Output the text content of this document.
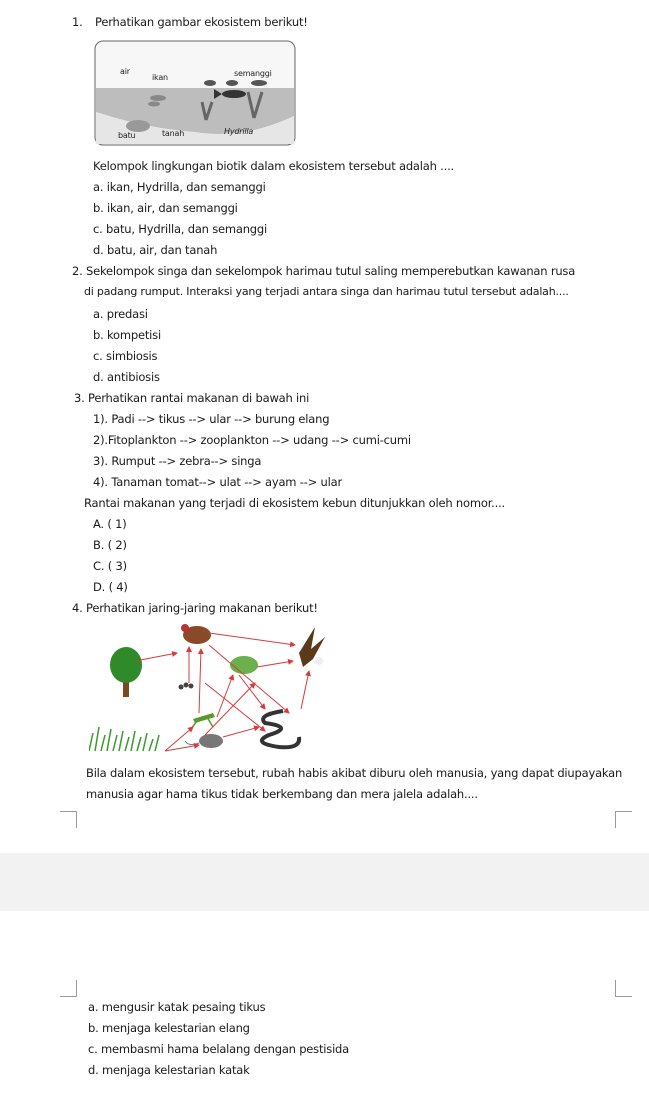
1. Perhatikan gambar ekosistem berikut!
air
ikan	semanggi
batu	tanah	Hydrilla
Kelompok lingkungan biotik dalam ekosistem tersebut adalah ....
a. ikan, Hydrilla, dan semanggi
b. ikan, air, dan semanggi
c. batu, Hydrilla, dan semanggi
d. batu, air, dan tanah
2. Sekelompok singa dan sekelompok harimau tutul saling memperebutkan kawanan rusa
di padang rumput. Interaksi yang terjadi antara singa dan harimau tutul tersebut adalah....
a. predasi
b. kompetisi
c. simbiosis
d. antibiosis
3. Perhatikan rantai makanan di bawah ini
1). Padi --> tikus --> ular --> burung elang
2).Fitoplankton --> zooplankton --> udang --> cumi-cumi
3). Rumput --> zebra--> singa
4). Tanaman tomat--> ulat --> ayam --> ular
Rantai makanan yang terjadi di ekosistem kebun ditunjukkan oleh nomor....
A. ( 1)
B. ( 2)
C. ( 3)
D. ( 4)
4. Perhatikan jaring-jaring makanan berikut!
Bila dalam ekosistem tersebut, rubah habis akibat diburu oleh manusia, yang dapat diupayakan
manusia agar hama tikus tidak berkembang dan mera jalela adalah....
a. mengusir katak pesaing tikus
b. menjaga kelestarian elang
c. membasmi hama belalang dengan pestisida
d. menjaga kelestarian katak
